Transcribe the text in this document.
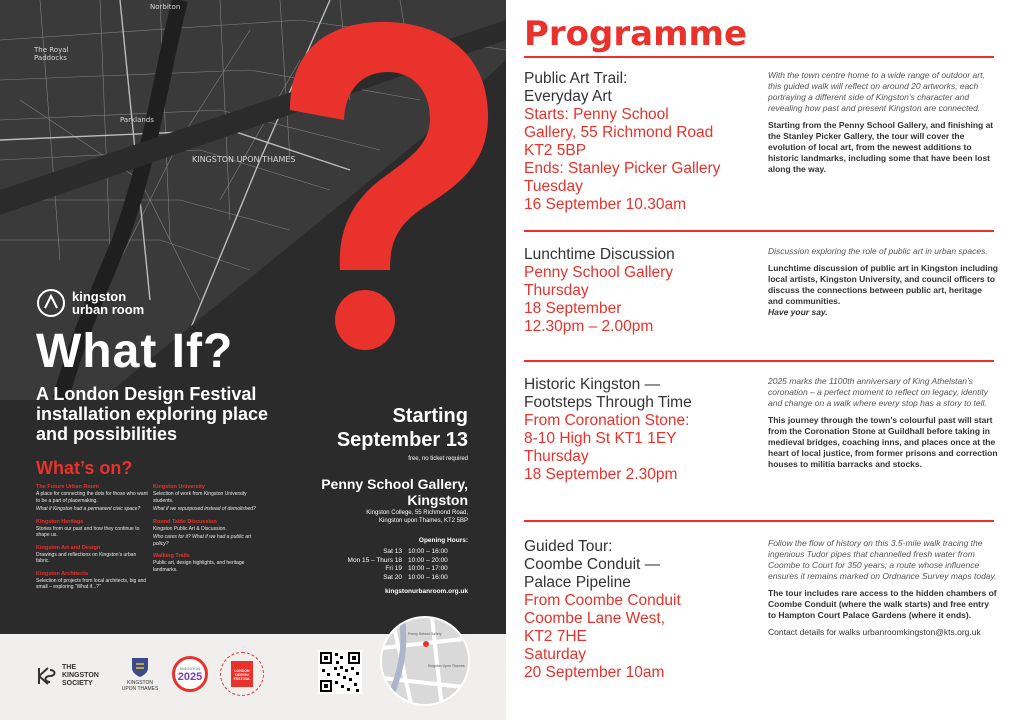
Norbiton
The Royal Paddocks
KINGSTON UPON THAMES
Parklands
kingston
urban room
What If?
A London Design Festival installation exploring place and possibilities
What’s on?
The Future Urban Room
A place for connecting the dots for those who want to be a part of placemaking.
What if Kingston had a permanent civic space?
Kingston Heritage
Stories from our past and how they continue to shape us.
Kingston Art and Design
Drawings and reflections on Kingston’s urban fabric.
Kingston Architects
Selection of projects from local architects, big and small – exploring “What if...?”
Kingston University
Selection of work from Kingston University students.
What if we repurposed instead of demolished?
Round Table Discussion
Kingston Public Art & Discussion.
Who cares for it? What if we had a public art policy?
Walking Trails
Public art, design highlights, and heritage landmarks.
Starting
September 13
free, no ticket required
Penny School Gallery,
Kingston
Kingston College, 55 Richmond Road,
Kingston upon Thames, KT2 5BP
Opening Hours:
Sat 13 10:00 – 16:00
Mon 15 – Thurs 18 10:00 – 20:00
Fri 19 10:00 – 17:00
Sat 20 10:00 – 16:00
kingstonurbanroom.org.uk
THE
KINGSTON
SOCIETY	KINGSTON
UPON THAMES
KINGSTON
2025	LONDON DESIGN FESTIVAL
Penny School Gallery
Kingston Upon Thames
Programme
Public Art Trail:
Everyday Art
Starts: Penny School
Gallery, 55 Richmond Road
KT2 5BP
Ends: Stanley Picker Gallery
Tuesday
16 September 10.30am
With the town centre home to a wide range of outdoor art, this guided walk will reflect on around 20 artworks, each portraying a different side of Kingston’s character and revealing how past and present Kingston are connected.
Starting from the Penny School Gallery, and finishing at the Stanley Picker Gallery, the tour will cover the evolution of local art, from the newest additions to historic landmarks, including some that have been lost along the way.
Lunchtime Discussion
Penny School Gallery
Thursday
18 September
12.30pm – 2.00pm
Discussion exploring the role of public art in urban spaces.
Lunchtime discussion of public art in Kingston including local artists, Kingston University, and council officers to discuss the connections between public art, heritage and communities.
Have your say.
Historic Kingston —
Footsteps Through Time
From Coronation Stone:
8-10 High St KT1 1EY
Thursday
18 September 2.30pm
2025 marks the 1100th anniversary of King Athelstan’s coronation – a perfect moment to reflect on legacy, identity and change on a walk where every stop has a story to tell.
This journey through the town’s colourful past will start from the Coronation Stone at Guildhall before taking in medieval bridges, coaching inns, and places once at the heart of local justice, from former prisons and correction houses to militia barracks and stocks.
Guided Tour:
Coombe Conduit —
Palace Pipeline
From Coombe Conduit
Coombe Lane West,
KT2 7HE
Saturday
20 September 10am
Follow the flow of history on this 3.5-mile walk tracing the ingenious Tudor pipes that channelled fresh water from Coombe to Court for 350 years; a route whose influence ensures it remains marked on Ordnance Survey maps today.
The tour includes rare access to the hidden chambers of Coombe Conduit (where the walk starts) and free entry to Hampton Court Palace Gardens (where it ends).
Contact details for walks urbanroomkingston@kts.org.uk
